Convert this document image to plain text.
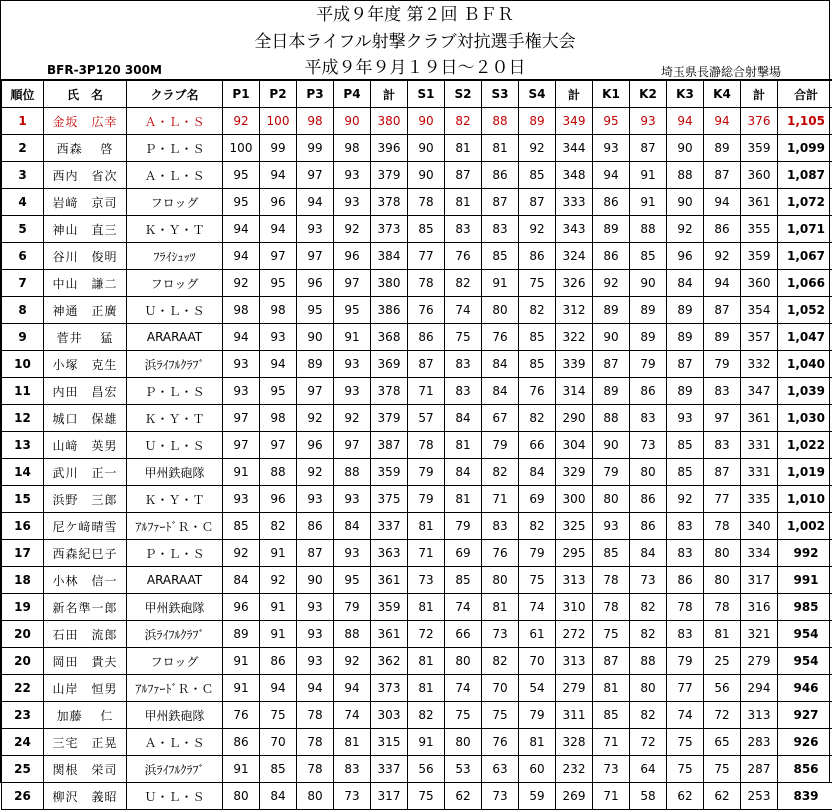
平成９年度 第２回 ＢＦＲ
全日本ライフル射撃クラブ対抗選手権大会
平成９年９月１９日～２０日
BFR-3P120 300M	埼玉県長瀞総合射撃場
順位	氏　名	クラブ名	P1	P2	P3	P4	計	S1	S2	S3	S4	計	K1	K2	K3	K4	計	合計
1	金坂　広幸	Ａ・Ｌ・Ｓ	92	100	98	90	380	90	82	88	89	349	95	93	94	94	376	1,105
2	西森　 啓	Ｐ・Ｌ・Ｓ	100	99	99	98	396	90	81	81	92	344	93	87	90	89	359	1,099
3	西内　省次	Ａ・Ｌ・Ｓ	95	94	97	93	379	90	87	86	85	348	94	91	88	87	360	1,087
4	岩﨑　京司	フロッグ	95	96	94	93	378	78	81	87	87	333	86	91	90	94	361	1,072
5	神山　直三	Ｋ・Ｙ・Ｔ	94	94	93	92	373	85	83	83	92	343	89	88	92	86	355	1,071
6	谷川　俊明	ﾌﾗｲｼｭｯﾂ	94	97	97	96	384	77	76	85	86	324	86	85	96	92	359	1,067
7	中山　謙二	フロッグ	92	95	96	97	380	78	82	91	75	326	92	90	84	94	360	1,066
8	神通　正廣	Ｕ・Ｌ・Ｓ	98	98	95	95	386	76	74	80	82	312	89	89	89	87	354	1,052
9	菅井　 猛	ARARAAT	94	93	90	91	368	86	75	76	85	322	90	89	89	89	357	1,047
10	小塚　克生	浜ﾗｲﾌﾙｸﾗﾌﾞ	93	94	89	93	369	87	83	84	85	339	87	79	87	79	332	1,040
11	内田　昌宏	Ｐ・Ｌ・Ｓ	93	95	97	93	378	71	83	84	76	314	89	86	89	83	347	1,039
12	城口　保雄	Ｋ・Ｙ・Ｔ	97	98	92	92	379	57	84	67	82	290	88	83	93	97	361	1,030
13	山﨑　英男	Ｕ・Ｌ・Ｓ	97	97	96	97	387	78	81	79	66	304	90	73	85	83	331	1,022
14	武川　正一	甲州鉄砲隊	91	88	92	88	359	79	84	82	84	329	79	80	85	87	331	1,019
15	浜野　三郎	Ｋ・Ｙ・Ｔ	93	96	93	93	375	79	81	71	69	300	80	86	92	77	335	1,010
16	尼ケ﨑晴雪	ｱﾙﾌｧｰﾄﾞＲ・Ｃ	85	82	86	84	337	81	79	83	82	325	93	86	83	78	340	1,002
17	西森紀巳子	Ｐ・Ｌ・Ｓ	92	91	87	93	363	71	69	76	79	295	85	84	83	80	334	992
18	小林　信一	ARARAAT	84	92	90	95	361	73	85	80	75	313	78	73	86	80	317	991
19	新名準一郎	甲州鉄砲隊	96	91	93	79	359	81	74	81	74	310	78	82	78	78	316	985
20	石田　流郎	浜ﾗｲﾌﾙｸﾗﾌﾞ	89	91	93	88	361	72	66	73	61	272	75	82	83	81	321	954
20	岡田　貴夫	フロッグ	91	86	93	92	362	81	80	82	70	313	87	88	79	25	279	954
22	山岸　恒男	ｱﾙﾌｧｰﾄﾞＲ・Ｃ	91	94	94	94	373	81	74	70	54	279	81	80	77	56	294	946
23	加藤　 仁	甲州鉄砲隊	76	75	78	74	303	82	75	75	79	311	85	82	74	72	313	927
24	三宅　正晃	Ａ・Ｌ・Ｓ	86	70	78	81	315	91	80	76	81	328	71	72	75	65	283	926
25	関根　栄司	浜ﾗｲﾌﾙｸﾗﾌﾞ	91	85	78	83	337	56	53	63	60	232	73	64	75	75	287	856
26	柳沢　義昭	Ｕ・Ｌ・Ｓ	80	84	80	73	317	75	62	73	59	269	71	58	62	62	253	839
